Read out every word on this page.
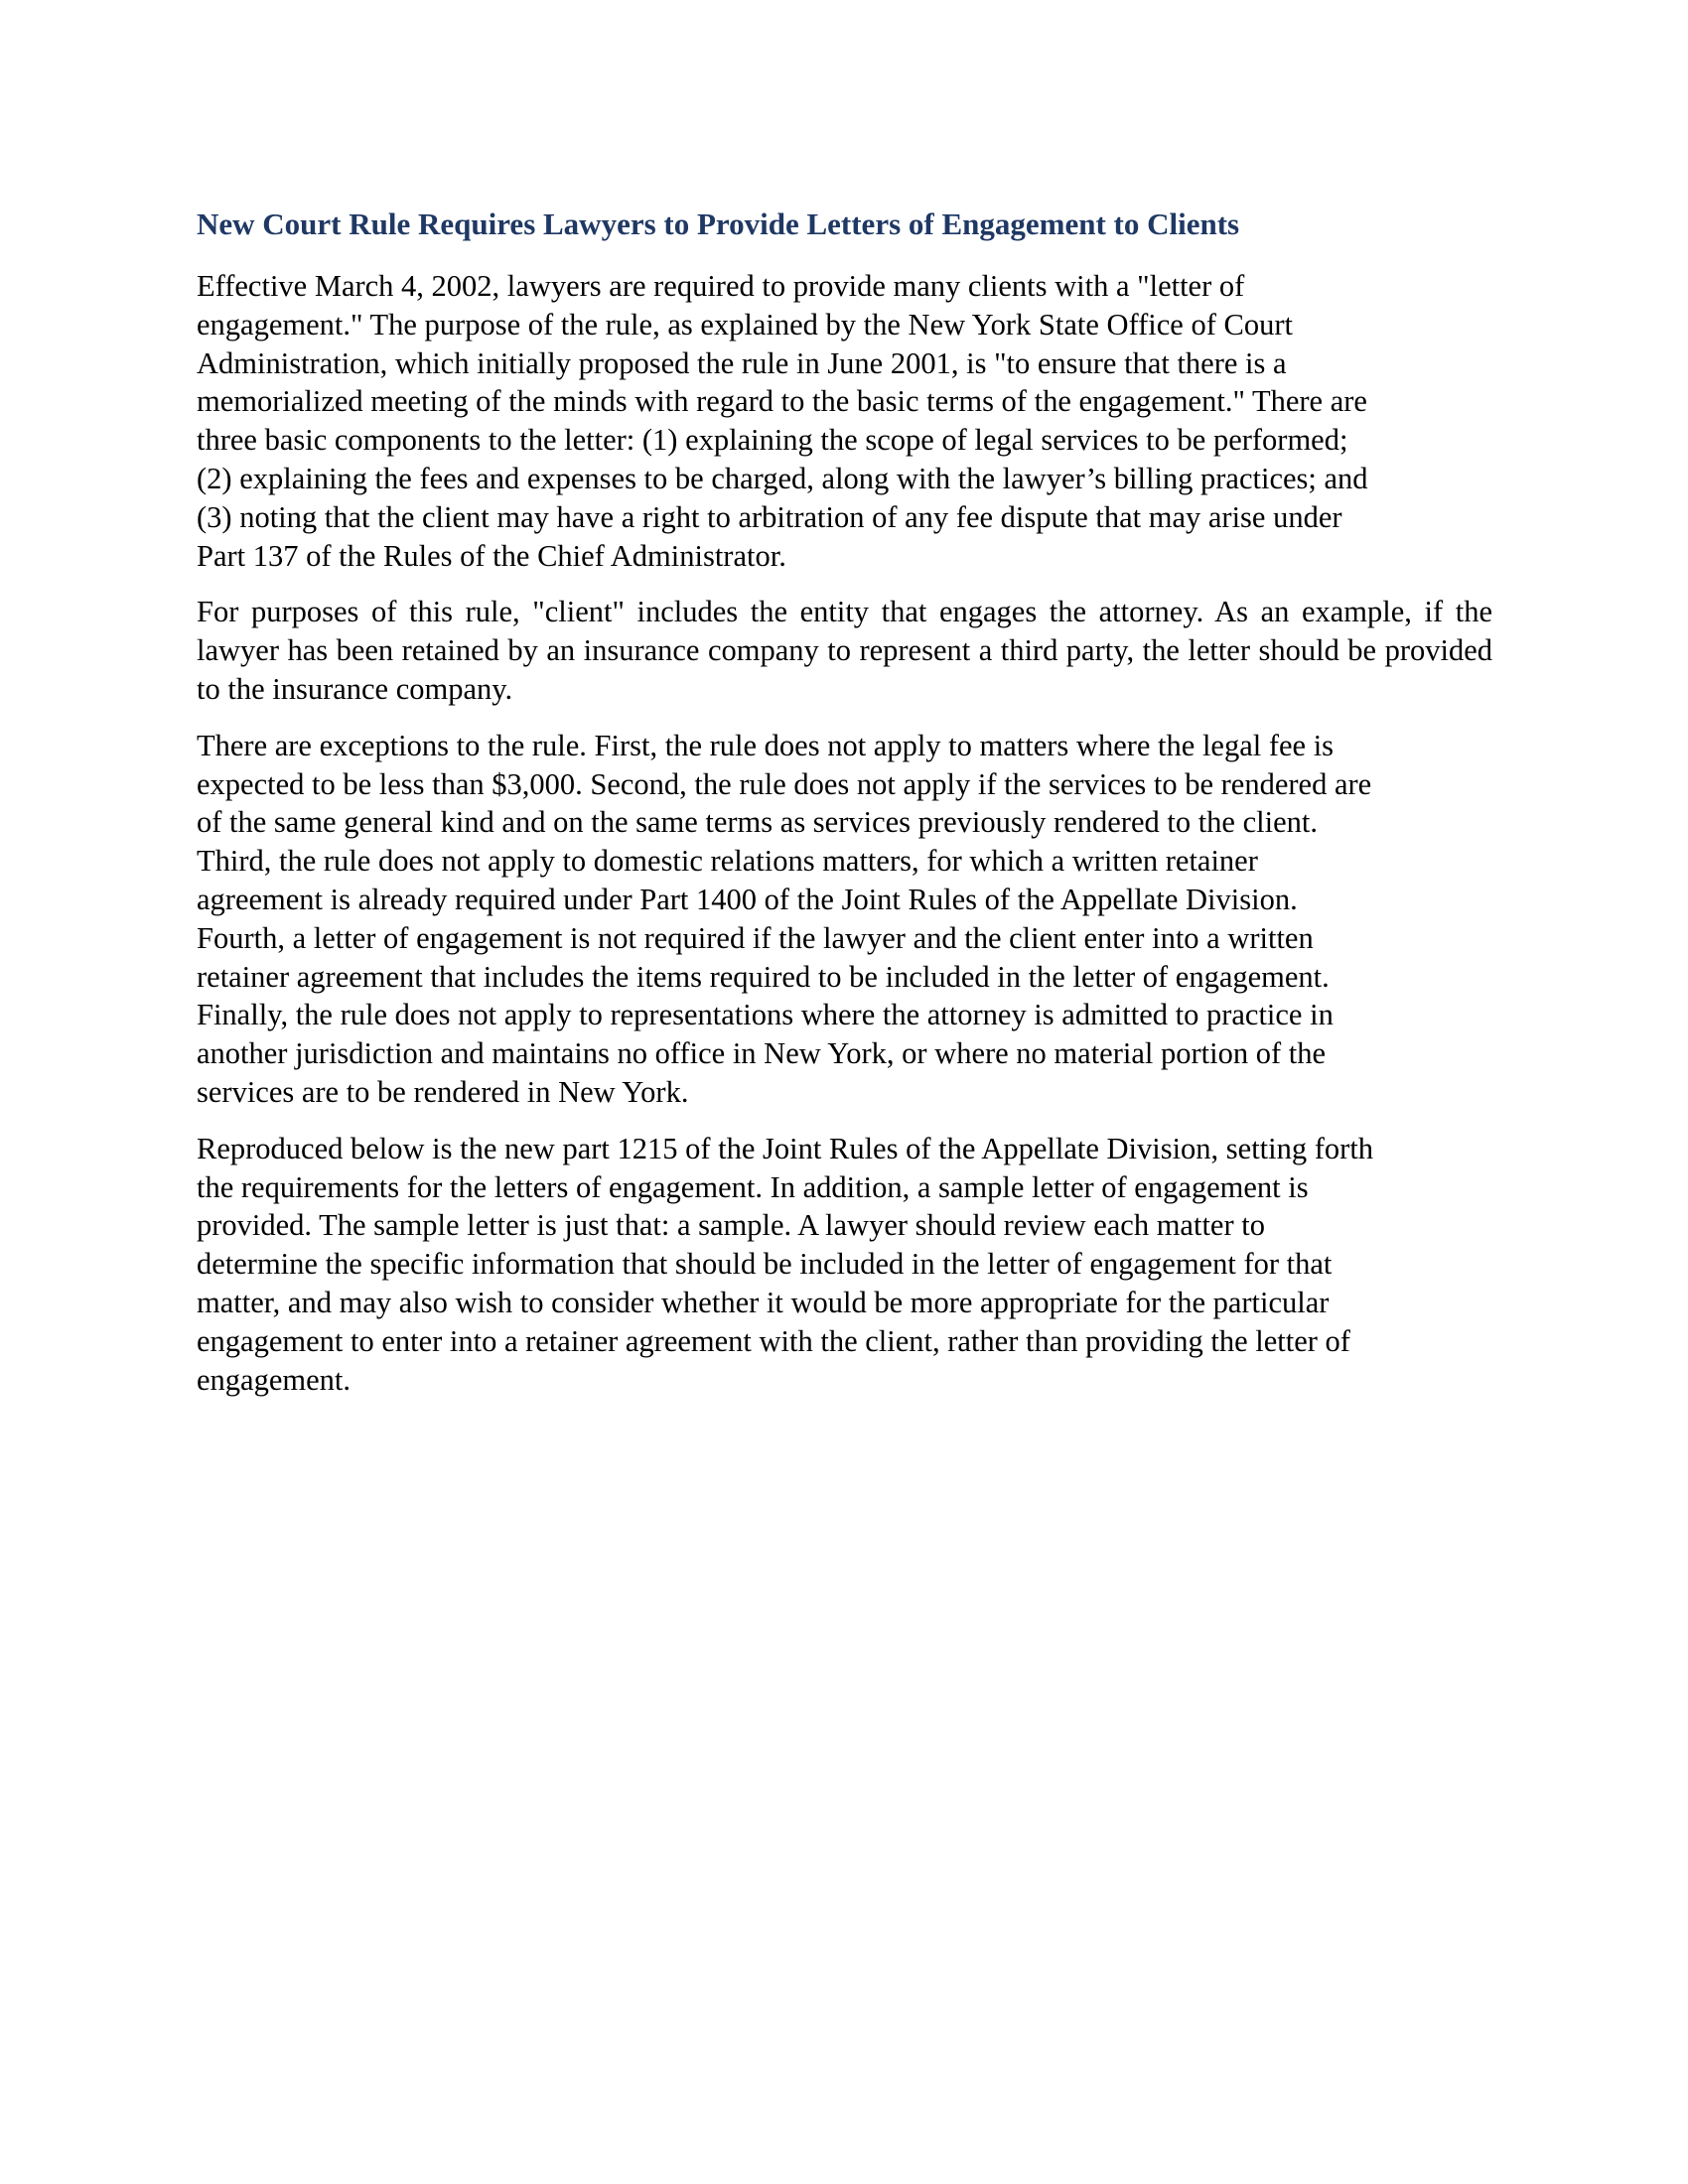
New Court Rule Requires Lawyers to Provide Letters of Engagement to Clients

Effective March 4, 2002, lawyers are required to provide many clients with a "letter of
engagement." The purpose of the rule, as explained by the New York State Office of Court
Administration, which initially proposed the rule in June 2001, is "to ensure that there is a
memorialized meeting of the minds with regard to the basic terms of the engagement." There are
three basic components to the letter: (1) explaining the scope of legal services to be performed;
(2) explaining the fees and expenses to be charged, along with the lawyer’s billing practices; and
(3) noting that the client may have a right to arbitration of any fee dispute that may arise under
Part 137 of the Rules of the Chief Administrator.

For purposes of this rule, "client" includes the entity that engages the attorney. As an example, if the lawyer has been retained by an insurance company to represent a third party, the letter should be provided to the insurance company.

There are exceptions to the rule. First, the rule does not apply to matters where the legal fee is
expected to be less than $3,000. Second, the rule does not apply if the services to be rendered are
of the same general kind and on the same terms as services previously rendered to the client.
Third, the rule does not apply to domestic relations matters, for which a written retainer
agreement is already required under Part 1400 of the Joint Rules of the Appellate Division.
Fourth, a letter of engagement is not required if the lawyer and the client enter into a written
retainer agreement that includes the items required to be included in the letter of engagement.
Finally, the rule does not apply to representations where the attorney is admitted to practice in
another jurisdiction and maintains no office in New York, or where no material portion of the
services are to be rendered in New York.

Reproduced below is the new part 1215 of the Joint Rules of the Appellate Division, setting forth
the requirements for the letters of engagement. In addition, a sample letter of engagement is
provided. The sample letter is just that: a sample. A lawyer should review each matter to
determine the specific information that should be included in the letter of engagement for that
matter, and may also wish to consider whether it would be more appropriate for the particular
engagement to enter into a retainer agreement with the client, rather than providing the letter of
engagement.
